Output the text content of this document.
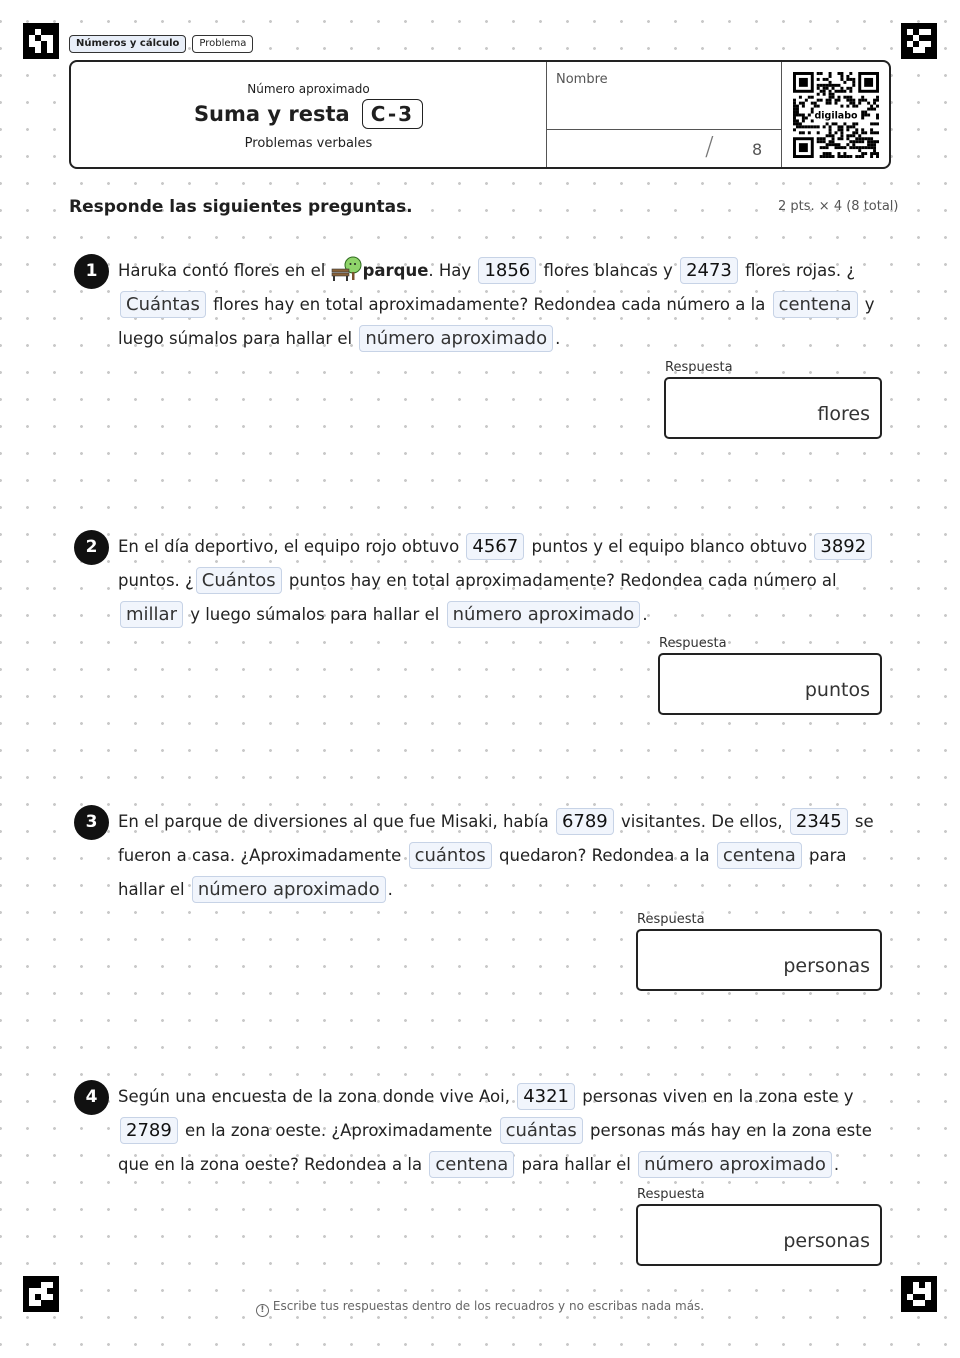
Números y cálculo	Problema
Número aproximado
Suma y resta	C-3
Problemas verbales
Nombre
/ 8
digilabo
Responde las siguientes preguntas.	2 pts. × 4 (8 total)
1	Haruka contó flores en el parque. Hay 1856 flores blancas y 2473 flores rojas. ¿Cuántas flores hay en total aproximadamente? Redondea cada número a la centena y luego súmalos para hallar el número aproximado .
Respuesta
flores
2	En el día deportivo, el equipo rojo obtuvo 4567 puntos y el equipo blanco obtuvo 3892 puntos. ¿ Cuántos puntos hay en total aproximadamente? Redondea cada número al millar y luego súmalos para hallar el número aproximado .
Respuesta
puntos
3	En el parque de diversiones al que fue Misaki, había 6789 visitantes. De ellos, 2345 se fueron a casa. ¿Aproximadamente cuántos quedaron? Redondea a la centena para hallar el número aproximado .
Respuesta
personas
4	Según una encuesta de la zona donde vive Aoi, 4321 personas viven en la zona este y 2789 en la zona oeste. ¿Aproximadamente cuántas personas más hay en la zona este que en la zona oeste? Redondea a la centena para hallar el número aproximado .
Respuesta
personas
! Escribe tus respuestas dentro de los recuadros y no escribas nada más.
